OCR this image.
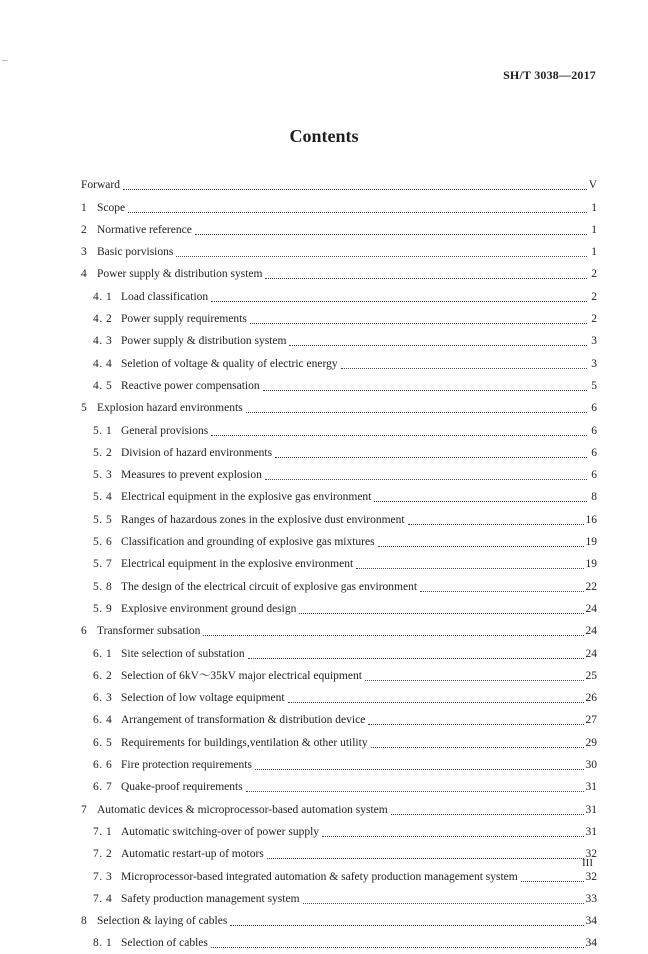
SH/T 3038—2017
Contents
Forward	V
1 Scope	1
2 Normative reference	1
3 Basic porvisions	1
4 Power supply & distribution system	2
4. 1 Load classification	2
4. 2 Power supply requirements	2
4. 3 Power supply & distribution system	3
4. 4 Seletion of voltage & quality of electric energy	3
4. 5 Reactive power compensation	5
5 Explosion hazard environments	6
5. 1 General provisions	6
5. 2 Division of hazard environments	6
5. 3 Measures to prevent explosion	6
5. 4 Electrical equipment in the explosive gas environment	8
5. 5 Ranges of hazardous zones in the explosive dust environment	16
5. 6 Classification and grounding of explosive gas mixtures	19
5. 7 Electrical equipment in the explosive environment	19
5. 8 The design of the electrical circuit of explosive gas environment	22
5. 9 Explosive environment ground design	24
6 Transformer subsation	24
6. 1 Site selection of substation	24
6. 2 Selection of 6kV～35kV major electrical equipment	25
6. 3 Selection of low voltage equipment	26
6. 4 Arrangement of transformation & distribution device	27
6. 5 Requirements for buildings,ventilation & other utility	29
6. 6 Fire protection requirements	30
6. 7 Quake-proof requirements	31
7 Automatic devices & microprocessor-based automation system	31
7. 1 Automatic switching-over of power supply	31
7. 2 Automatic restart-up of motors	32
7. 3 Microprocessor-based integrated automation & safety production management system	32
7. 4 Safety production management system	33
8 Selection & laying of cables	34
8. 1 Selection of cables	34
III
